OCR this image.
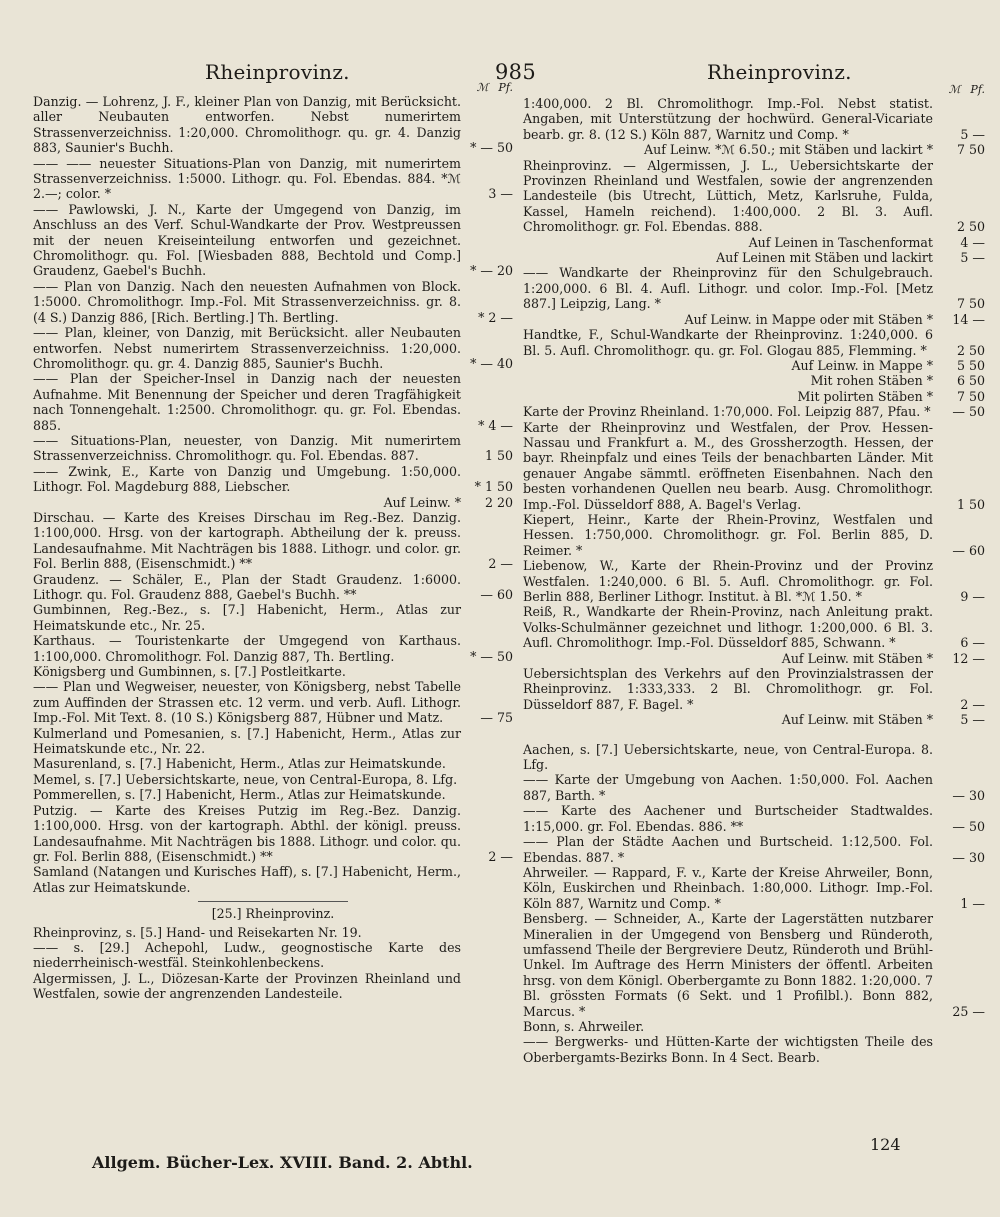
Rheinprovinz.	985	Rheinprovinz.
ℳ Pf.

Danzig. — Lohrenz, J. F., kleiner Plan von Danzig, mit Berücksicht. aller Neubauten entworfen. Nebst numerirtem Strassenverzeichniss. 1:20,000. Chromolithogr. qu. gr. 4. Danzig 883, Saunier's Buchh.	* — 50

—— —— neuester Situations-Plan von Danzig, mit numerirtem Strassenverzeichniss. 1:5000. Lithogr. qu. Fol. Ebendas. 884. *ℳ 2.—; color. *	3 —

—— Pawlowski, J. N., Karte der Umgegend von Danzig, im Anschluss an des Verf. Schul-Wandkarte der Prov. Westpreussen mit der neuen Kreiseinteilung entworfen und gezeichnet. Chromolithogr. qu. Fol. [Wiesbaden 888, Bechtold und Comp.] Graudenz, Gaebel's Buchh.	* — 20

—— Plan von Danzig. Nach den neuesten Aufnahmen von Block. 1:5000. Chromolithogr. Imp.-Fol. Mit Strassenverzeichniss. gr. 8. (4 S.) Danzig 886, [Rich. Bertling.] Th. Bertling.	* 2 —

—— Plan, kleiner, von Danzig, mit Berücksicht. aller Neubauten entworfen. Nebst numerirtem Strassenverzeichniss. 1:20,000. Chromolithogr. qu. gr. 4. Danzig 885, Saunier's Buchh.	* — 40

—— Plan der Speicher-Insel in Danzig nach der neuesten Aufnahme. Mit Benennung der Speicher und deren Tragfähigkeit nach Tonnengehalt. 1:2500. Chromolithogr. qu. gr. Fol. Ebendas. 885.	* 4 —

—— Situations-Plan, neuester, von Danzig. Mit numerirtem Strassenverzeichniss. Chromolithogr. qu. Fol. Ebendas. 887.	1 50

—— Zwink, E., Karte von Danzig und Umgebung. 1:50,000. Lithogr. Fol. Magdeburg 888, Liebscher.	* 1 50

Auf Leinw. *	2 20

Dirschau. — Karte des Kreises Dirschau im Reg.-Bez. Danzig. 1:100,000. Hrsg. von der kartograph. Abtheilung der k. preuss. Landesaufnahme. Mit Nachträgen bis 1888. Lithogr. und color. gr. Fol. Berlin 888, (Eisenschmidt.) **	2 —

Graudenz. — Schäler, E., Plan der Stadt Graudenz. 1:6000. Lithogr. qu. Fol. Graudenz 888, Gaebel's Buchh. **	— 60

Gumbinnen, Reg.-Bez., s. [7.] Habenicht, Herm., Atlas zur Heimatskunde etc., Nr. 25.

Karthaus. — Touristenkarte der Umgegend von Karthaus. 1:100,000. Chromolithogr. Fol. Danzig 887, Th. Bertling.	* — 50

Königsberg und Gumbinnen, s. [7.] Postleitkarte.

—— Plan und Wegweiser, neuester, von Königsberg, nebst Tabelle zum Auffinden der Strassen etc. 12 verm. und verb. Aufl. Lithogr. Imp.-Fol. Mit Text. 8. (10 S.) Königsberg 887, Hübner und Matz.	— 75

Kulmerland und Pomesanien, s. [7.] Habenicht, Herm., Atlas zur Heimatskunde etc., Nr. 22.

Masurenland, s. [7.] Habenicht, Herm., Atlas zur Heimatskunde.

Memel, s. [7.] Uebersichtskarte, neue, von Central-Europa, 8. Lfg.

Pommerellen, s. [7.] Habenicht, Herm., Atlas zur Heimatskunde.

Putzig. — Karte des Kreises Putzig im Reg.-Bez. Danzig. 1:100,000. Hrsg. von der kartograph. Abthl. der königl. preuss. Landesaufnahme. Mit Nachträgen bis 1888. Lithogr. und color. qu. gr. Fol. Berlin 888, (Eisenschmidt.) **	2 —

Samland (Natangen und Kurisches Haff), s. [7.] Habenicht, Herm., Atlas zur Heimatskunde.

[25.] Rheinprovinz.

Rheinprovinz, s. [5.] Hand- und Reisekarten Nr. 19.

—— s. [29.] Achepohl, Ludw., geognostische Karte des niederrheinisch-westfäl. Steinkohlenbeckens.

Algermissen, J. L., Diözesan-Karte der Provinzen Rheinland und Westfalen, sowie der angrenzenden Landesteile.

ℳ Pf.

1:400,000. 2 Bl. Chromolithogr. Imp.-Fol. Nebst statist. Angaben, mit Unterstützung der hochwürd. General-Vicariate bearb. gr. 8. (12 S.) Köln 887, Warnitz und Comp. *	5 —

Auf Leinw. *ℳ 6.50.; mit Stäben und lackirt *	7 50

Rheinprovinz. — Algermissen, J. L., Uebersichtskarte der Provinzen Rheinland und Westfalen, sowie der angrenzenden Landesteile (bis Utrecht, Lüttich, Metz, Karlsruhe, Fulda, Kassel, Hameln reichend). 1:400,000. 2 Bl. 3. Aufl. Chromolithogr. gr. Fol. Ebendas. 888.	2 50

Auf Leinen in Taschenformat	4 —

Auf Leinen mit Stäben und lackirt	5 —

—— Wandkarte der Rheinprovinz für den Schulgebrauch. 1:200,000. 6 Bl. 4. Aufl. Lithogr. und color. Imp.-Fol. [Metz 887.] Leipzig, Lang. *	7 50

Auf Leinw. in Mappe oder mit Stäben *	14 —

Handtke, F., Schul-Wandkarte der Rheinprovinz. 1:240,000. 6 Bl. 5. Aufl. Chromolithogr. qu. gr. Fol. Glogau 885, Flemming. *	2 50

Auf Leinw. in Mappe *	5 50

Mit rohen Stäben *	6 50

Mit polirten Stäben *	7 50

Karte der Provinz Rheinland. 1:70,000. Fol. Leipzig 887, Pfau. *	— 50

Karte der Rheinprovinz und Westfalen, der Prov. Hessen-Nassau und Frankfurt a. M., des Grossherzogth. Hessen, der bayr. Rheinpfalz und eines Teils der benachbarten Länder. Mit genauer Angabe sämmtl. eröffneten Eisenbahnen. Nach den besten vorhandenen Quellen neu bearb. Ausg. Chromolithogr. Imp.-Fol. Düsseldorf 888, A. Bagel's Verlag.	1 50

Kiepert, Heinr., Karte der Rhein-Provinz, Westfalen und Hessen. 1:750,000. Chromolithogr. gr. Fol. Berlin 885, D. Reimer. *	— 60

Liebenow, W., Karte der Rhein-Provinz und der Provinz Westfalen. 1:240,000. 6 Bl. 5. Aufl. Chromolithogr. gr. Fol. Berlin 888, Berliner Lithogr. Institut. à Bl. *ℳ 1.50. *	9 —

Reiß, R., Wandkarte der Rhein-Provinz, nach Anleitung prakt. Volks-Schulmänner gezeichnet und lithogr. 1:200,000. 6 Bl. 3. Aufl. Chromolithogr. Imp.-Fol. Düsseldorf 885, Schwann. *	6 —

Auf Leinw. mit Stäben *	12 —

Uebersichtsplan des Verkehrs auf den Provinzialstrassen der Rheinprovinz. 1:333,333. 2 Bl. Chromolithogr. gr. Fol. Düsseldorf 887, F. Bagel. *	2 —

Auf Leinw. mit Stäben *	5 —

Aachen, s. [7.] Uebersichtskarte, neue, von Central-Europa. 8. Lfg.

—— Karte der Umgebung von Aachen. 1:50,000. Fol. Aachen 887, Barth. *	— 30

—— Karte des Aachener und Burtscheider Stadtwaldes. 1:15,000. gr. Fol. Ebendas. 886. **	— 50

—— Plan der Städte Aachen und Burtscheid. 1:12,500. Fol. Ebendas. 887. *	— 30

Ahrweiler. — Rappard, F. v., Karte der Kreise Ahrweiler, Bonn, Köln, Euskirchen und Rheinbach. 1:80,000. Lithogr. Imp.-Fol. Köln 887, Warnitz und Comp. *	1 —

Bensberg. — Schneider, A., Karte der Lagerstätten nutzbarer Mineralien in der Umgegend von Bensberg und Ründeroth, umfassend Theile der Bergreviere Deutz, Ründeroth und Brühl-Unkel. Im Auftrage des Herrn Ministers der öffentl. Arbeiten hrsg. von dem Königl. Oberbergamte zu Bonn 1882. 1:20,000. 7 Bl. grössten Formats (6 Sekt. und 1 Profilbl.). Bonn 882, Marcus. *	25 —

Bonn, s. Ahrweiler.

—— Bergwerks- und Hütten-Karte der wichtigsten Theile des Oberbergamts-Bezirks Bonn. In 4 Sect. Bearb.

Allgem. Bücher-Lex. XVIII. Band. 2. Abthl.
124
